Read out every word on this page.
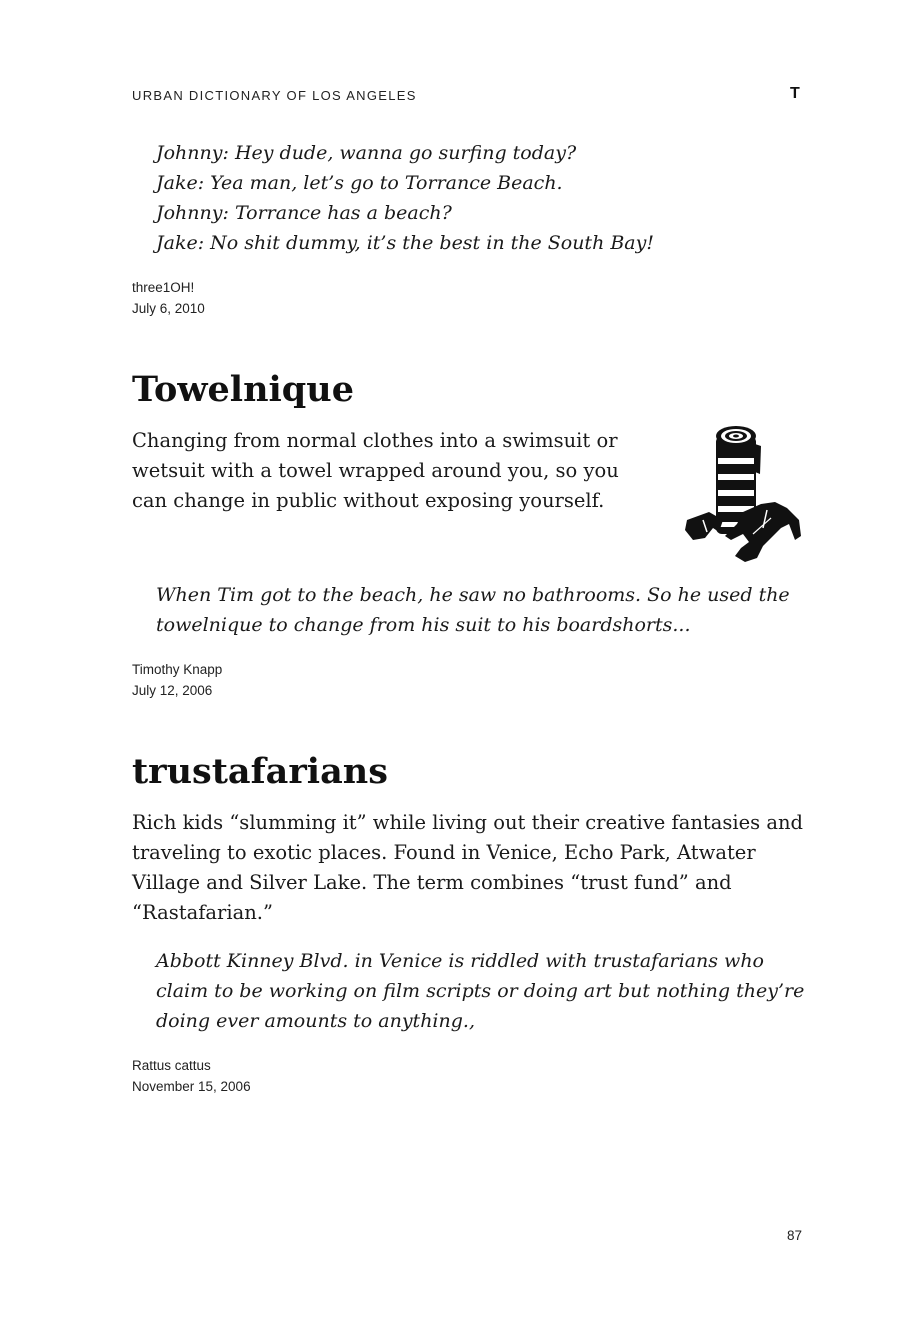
URBAN DICTIONARY OF LOS ANGELES	T
Johnny: Hey dude, wanna go surfing today?
Jake: Yea man, let’s go to Torrance Beach.
Johnny: Torrance has a beach?
Jake: No shit dummy, it’s the best in the South Bay!
three1OH!
July 6, 2010
Towelnique
Changing from normal clothes into a swimsuit or
wetsuit with a towel wrapped around you, so you
can change in public without exposing yourself.
When Tim got to the beach, he saw no bathrooms. So he used the
towelnique to change from his suit to his boardshorts...
Timothy Knapp
July 12, 2006
trustafarians
Rich kids “slumming it” while living out their creative fantasies and
traveling to exotic places. Found in Venice, Echo Park, Atwater
Village and Silver Lake. The term combines “trust fund” and
“Rastafarian.”
Abbott Kinney Blvd. in Venice is riddled with trustafarians who
claim to be working on film scripts or doing art but nothing they’re
doing ever amounts to anything.,
Rattus cattus
November 15, 2006
87
